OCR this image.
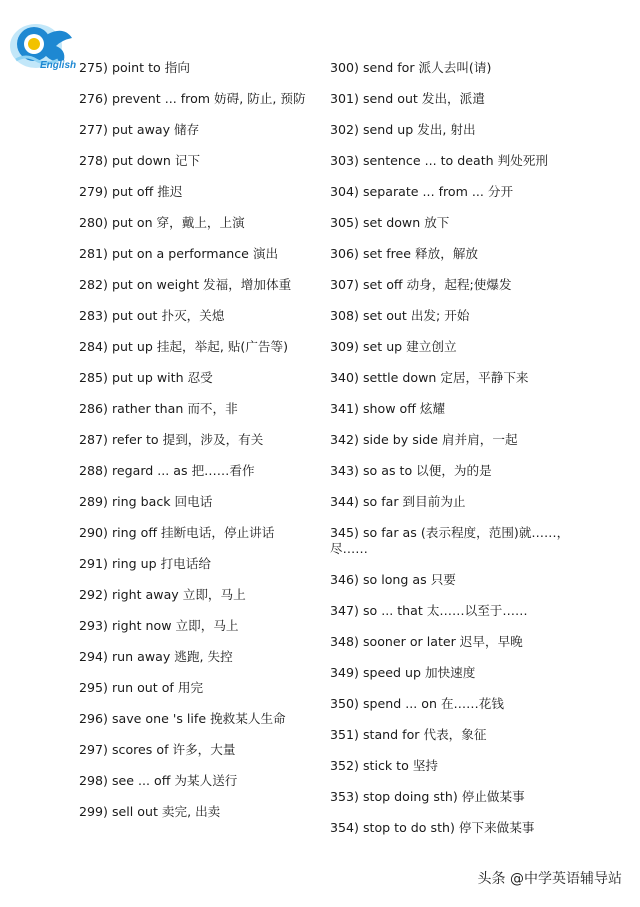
English 275) point to 指向
276) prevent ... from 妨碍, 防止, 预防
277) put away 储存
278) put down 记下
279) put off 推迟
280) put on 穿，戴上，上演
281) put on a performance 演出
282) put on weight 发福，增加体重
283) put out 扑灭，关熄
284) put up 挂起，举起, 贴(广告等)
285) put up with 忍受
286) rather than 而不，非
287) refer to 提到，涉及，有关
288) regard ... as 把……看作
289) ring back 回电话
290) ring off 挂断电话，停止讲话
291) ring up 打电话给
292) right away 立即，马上
293) right now 立即，马上
294) run away 逃跑, 失控
295) run out of 用完
296) save one 's life 挽救某人生命
297) scores of 许多，大量
298) see ... off 为某人送行
299) sell out 卖完, 出卖
300) send for 派人去叫(请)
301) send out 发出，派遣
302) send up 发出, 射出
303) sentence ... to death 判处死刑
304) separate ... from ... 分开
305) set down 放下
306) set free 释放，解放
307) set off 动身，起程;使爆发
308) set out 出发; 开始
309) set up 建立创立
340) settle down 定居，平静下来
341) show off 炫耀
342) side by side 肩并肩，一起
343) so as to 以便，为的是
344) so far 到目前为止
345) so far as (表示程度，范围)就……，尽……
346) so long as 只要
347) so ... that 太……以至于……
348) sooner or later 迟早，早晚
349) speed up 加快速度
350) spend ... on 在……花钱
351) stand for 代表，象征
352) stick to 坚持
353) stop doing sth) 停止做某事
354) stop to do sth) 停下来做某事
头条 @中学英语辅导站
